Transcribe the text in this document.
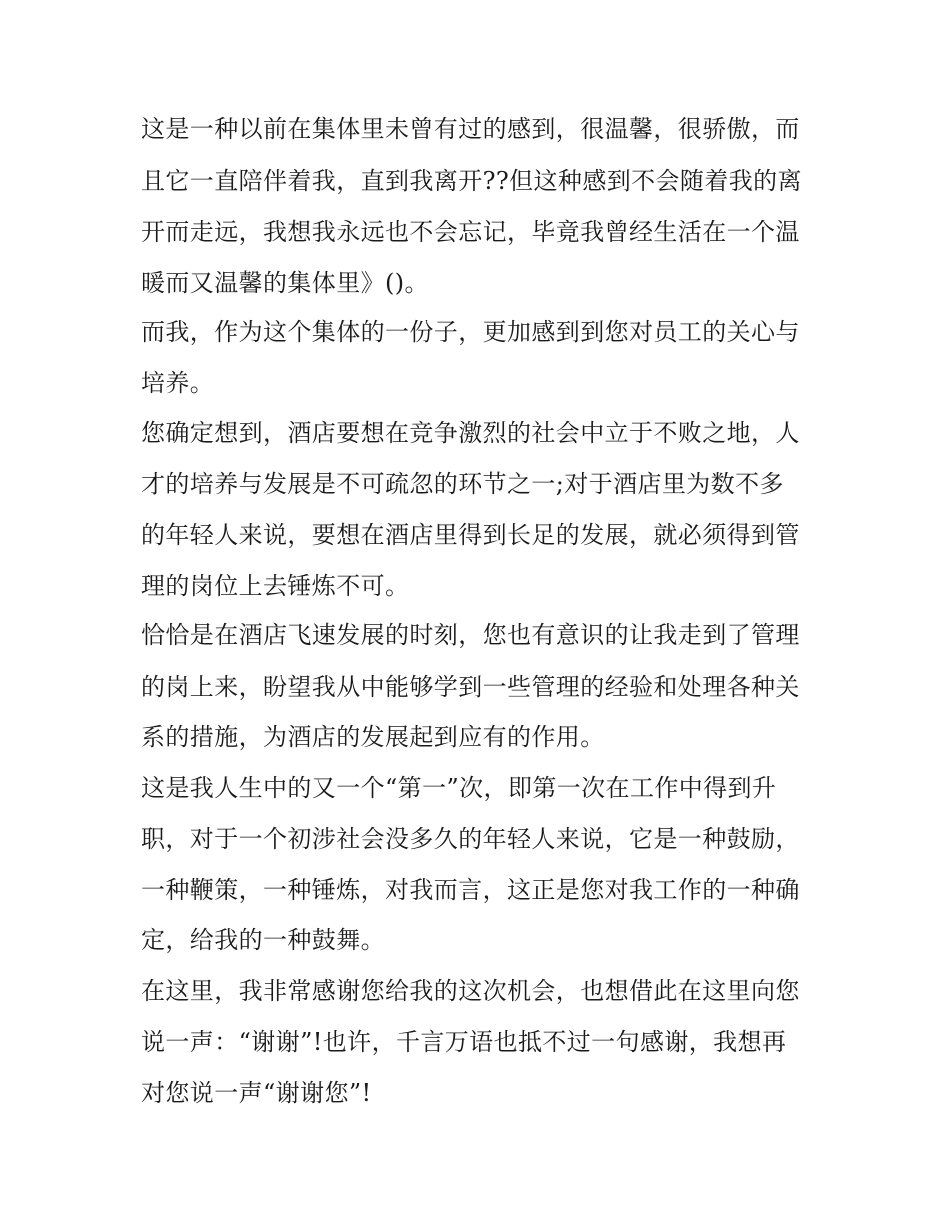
这是一种以前在集体里未曾有过的感到，很温馨，很骄傲，而
且它一直陪伴着我，直到我离开??但这种感到不会随着我的离
开而走远，我想我永远也不会忘记，毕竟我曾经生活在一个温
暖而又温馨的集体里》()。
而我，作为这个集体的一份子，更加感到到您对员工的关心与
培养。
您确定想到，酒店要想在竞争激烈的社会中立于不败之地，人
才的培养与发展是不可疏忽的环节之一;对于酒店里为数不多
的年轻人来说，要想在酒店里得到长足的发展，就必须得到管
理的岗位上去锤炼不可。
恰恰是在酒店飞速发展的时刻，您也有意识的让我走到了管理
的岗上来，盼望我从中能够学到一些管理的经验和处理各种关
系的措施，为酒店的发展起到应有的作用。
这是我人生中的又一个“第一”次，即第一次在工作中得到升
职，对于一个初涉社会没多久的年轻人来说，它是一种鼓励，
一种鞭策，一种锤炼，对我而言，这正是您对我工作的一种确
定，给我的一种鼓舞。
在这里，我非常感谢您给我的这次机会，也想借此在这里向您
说一声：“谢谢”!也许，千言万语也抵不过一句感谢，我想再
对您说一声“谢谢您”!
